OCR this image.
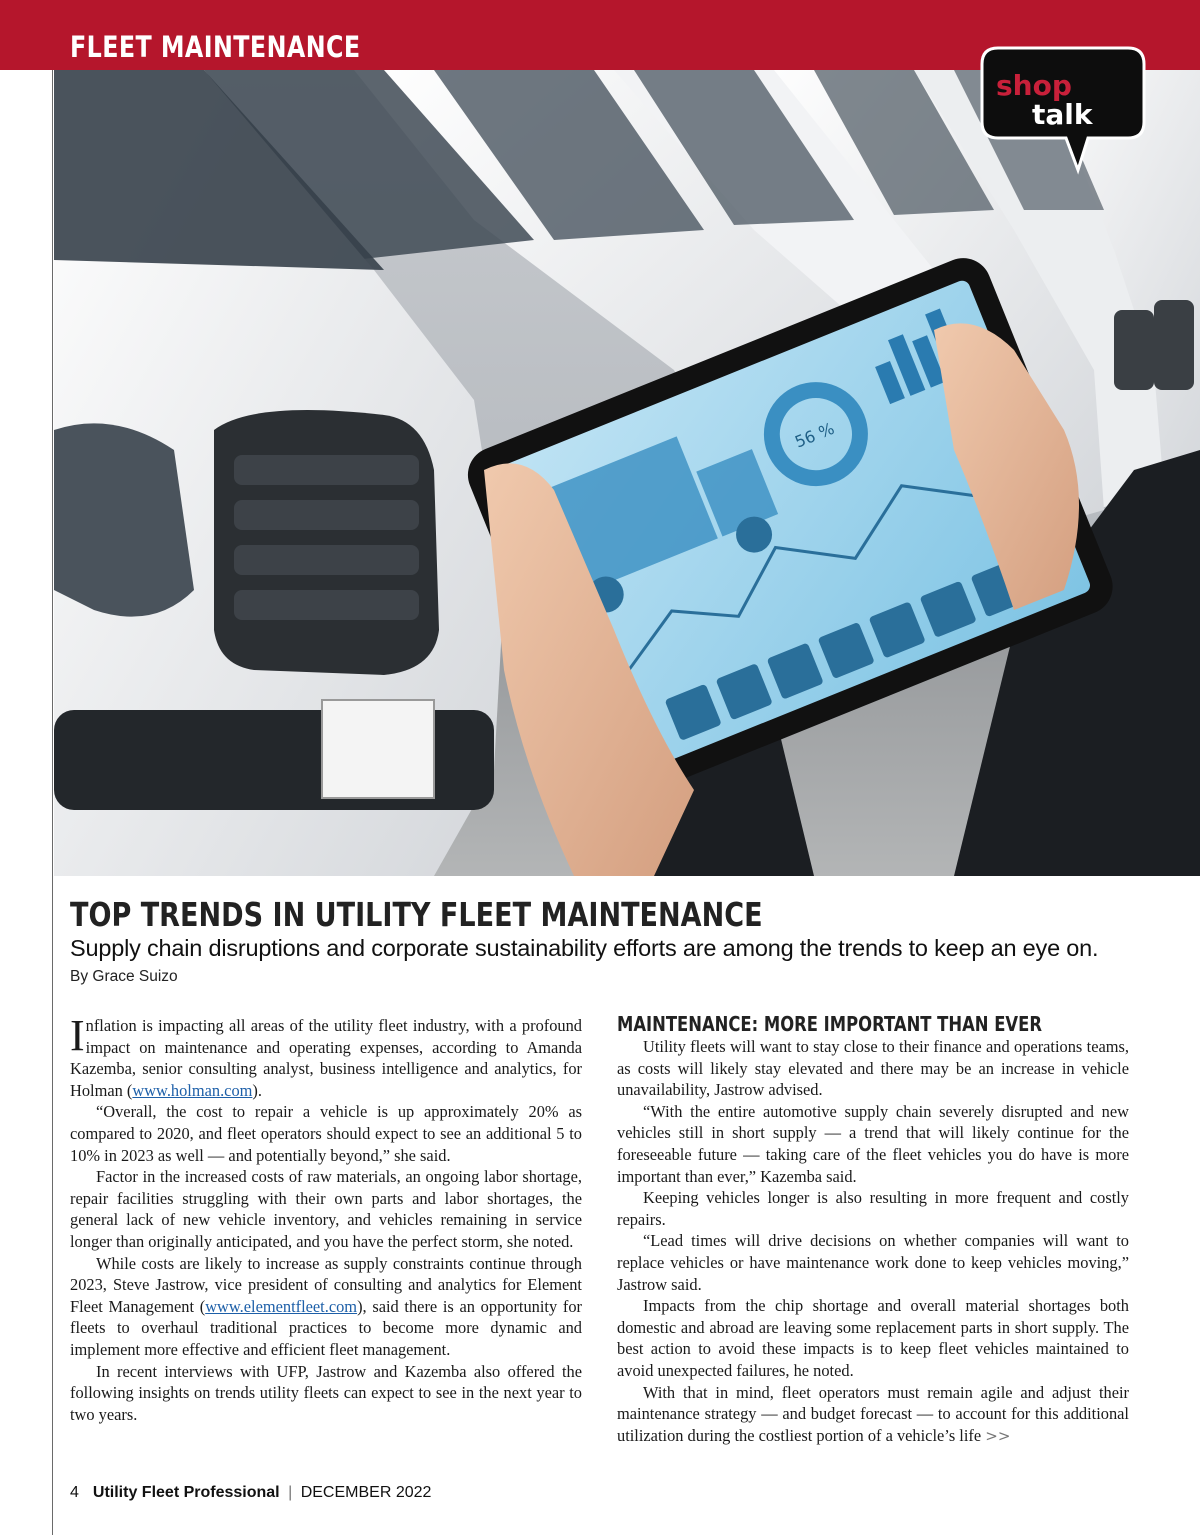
FLEET MAINTENANCE
56 %
shop
talk
TOP TRENDS IN UTILITY FLEET MAINTENANCE
Supply chain disruptions and corporate sustainability efforts are among the trends to keep an eye on.
By Grace Suizo

Inflation is impacting all areas of the utility fleet industry, with a profound impact on maintenance and operating expenses, according to Amanda Kazemba, senior consulting analyst, business intelligence and analytics, for Holman (www.holman.com).

“Overall, the cost to repair a vehicle is up approximately 20% as compared to 2020, and fleet operators should expect to see an additional 5 to 10% in 2023 as well — and potentially beyond,” she said.

Factor in the increased costs of raw materials, an ongoing labor shortage, repair facilities struggling with their own parts and labor shortages, the general lack of new vehicle inventory, and vehicles remaining in service longer than originally anticipated, and you have the perfect storm, she noted.

While costs are likely to increase as supply constraints continue through 2023, Steve Jastrow, vice president of consulting and analytics for Element Fleet Management (www.elementfleet.com), said there is an opportunity for fleets to overhaul traditional practices to become more dynamic and implement more effective and efficient fleet management.

In recent interviews with UFP, Jastrow and Kazemba also offered the following insights on trends utility fleets can expect to see in the next year to two years.

MAINTENANCE: MORE IMPORTANT THAN EVER

Utility fleets will want to stay close to their finance and operations teams, as costs will likely stay elevated and there may be an increase in vehicle unavailability, Jastrow advised.

“With the entire automotive supply chain severely disrupted and new vehicles still in short supply — a trend that will likely continue for the foreseeable future — taking care of the fleet vehicles you do have is more important than ever,” Kazemba said.

Keeping vehicles longer is also resulting in more frequent and costly repairs.

“Lead times will drive decisions on whether companies will want to replace vehicles or have maintenance work done to keep vehicles moving,” Jastrow said.

Impacts from the chip shortage and overall material shortages both domestic and abroad are leaving some replacement parts in short supply. The best action to avoid these impacts is to keep fleet vehicles maintained to avoid unexpected failures, he noted.

With that in mind, fleet operators must remain agile and adjust their maintenance strategy — and budget forecast — to account for this additional utilization during the costliest portion of a vehicle’s life >>

4 Utility Fleet Professional | DECEMBER 2022
